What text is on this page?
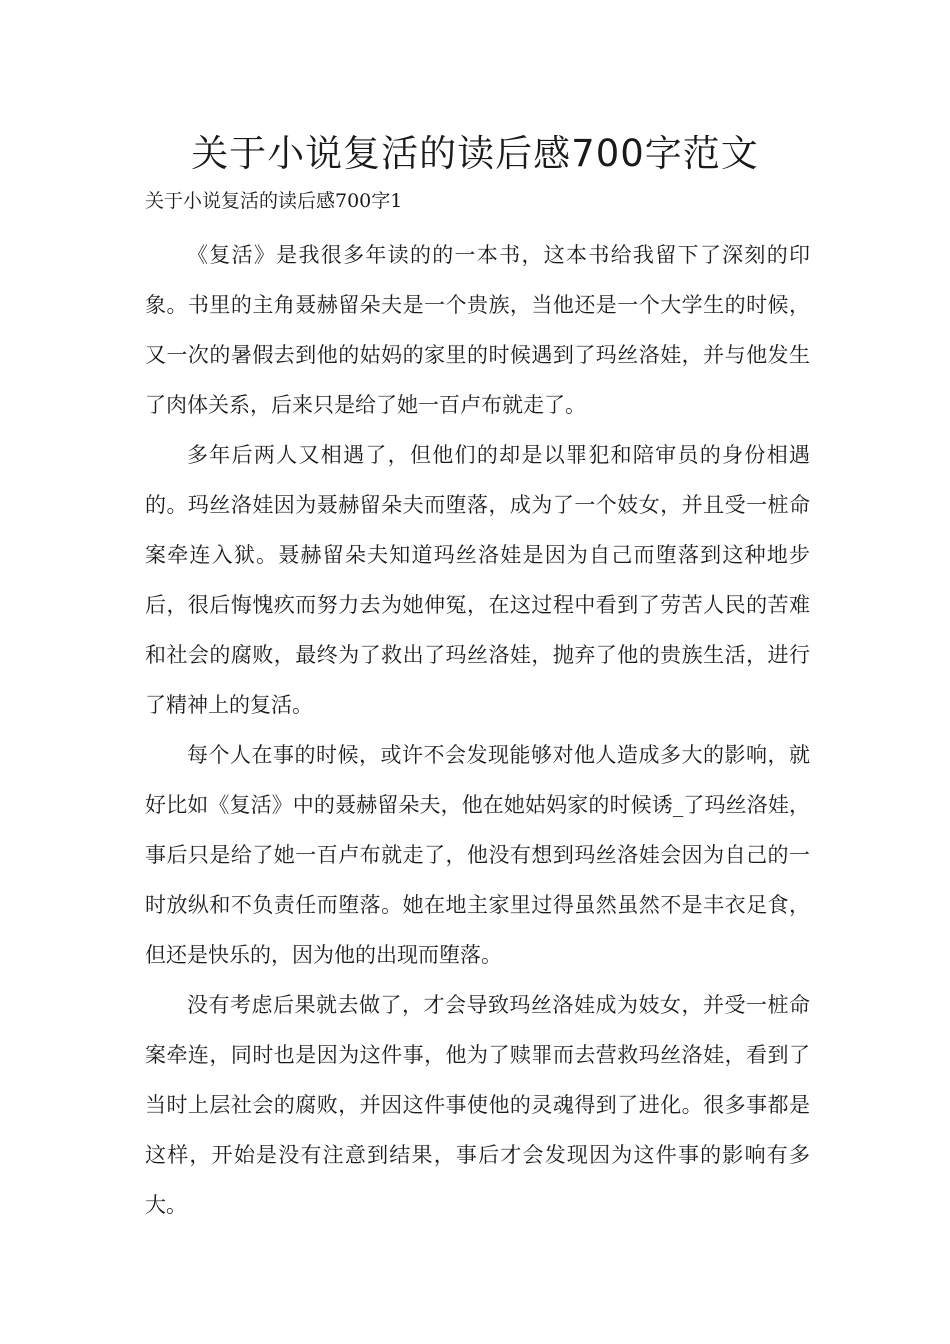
关于小说复活的读后感700字范文
关于小说复活的读后感700字1

《复活》是我很多年读的的一本书，这本书给我留下了深刻的印象。书里的主角聂赫留朵夫是一个贵族，当他还是一个大学生的时候，又一次的暑假去到他的姑妈的家里的时候遇到了玛丝洛娃，并与他发生了肉体关系，后来只是给了她一百卢布就走了。

多年后两人又相遇了，但他们的却是以罪犯和陪审员的身份相遇的。玛丝洛娃因为聂赫留朵夫而堕落，成为了一个妓女，并且受一桩命案牵连入狱。聂赫留朵夫知道玛丝洛娃是因为自己而堕落到这种地步后，很后悔愧疚而努力去为她伸冤，在这过程中看到了劳苦人民的苦难和社会的腐败，最终为了救出了玛丝洛娃，抛弃了他的贵族生活，进行了精神上的复活。

每个人在事的时候，或许不会发现能够对他人造成多大的影响，就好比如《复活》中的聂赫留朵夫，他在她姑妈家的时候诱_了玛丝洛娃，事后只是给了她一百卢布就走了，他没有想到玛丝洛娃会因为自己的一时放纵和不负责任而堕落。她在地主家里过得虽然虽然不是丰衣足食，但还是快乐的，因为他的出现而堕落。

没有考虑后果就去做了，才会导致玛丝洛娃成为妓女，并受一桩命案牵连，同时也是因为这件事，他为了赎罪而去营救玛丝洛娃，看到了当时上层社会的腐败，并因这件事使他的灵魂得到了进化。很多事都是这样，开始是没有注意到结果，事后才会发现因为这件事的影响有多大。
